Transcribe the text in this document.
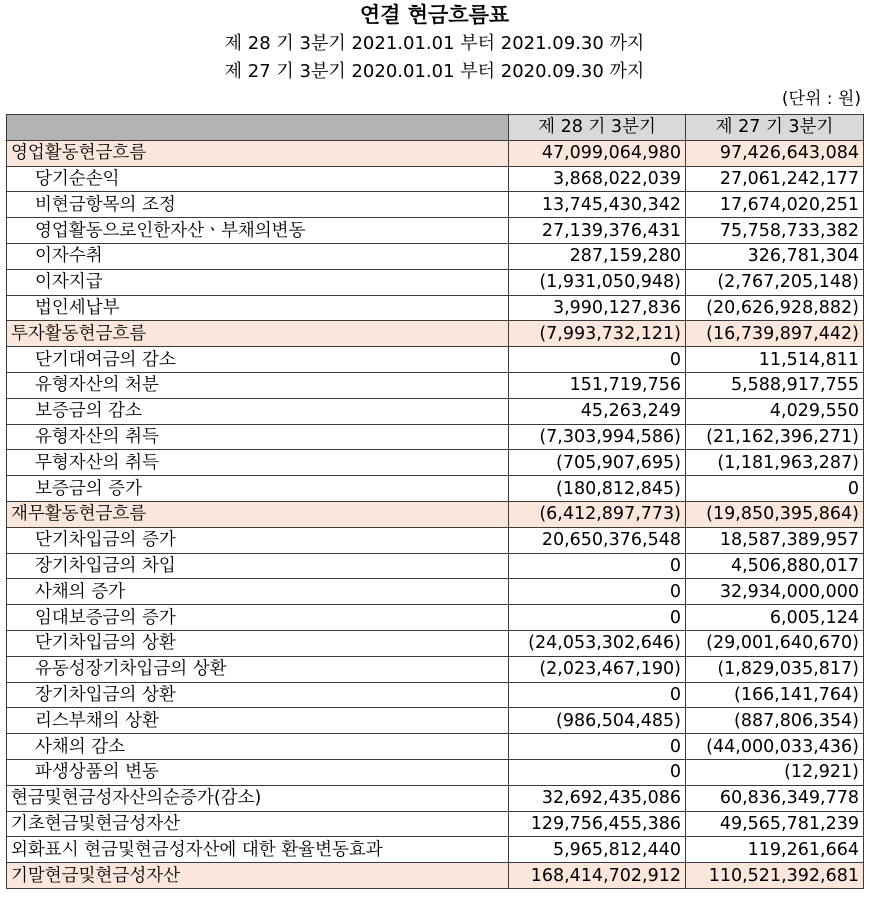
연결 현금흐름표
제 28 기 3분기 2021.01.01 부터 2021.09.30 까지
제 27 기 3분기 2020.01.01 부터 2020.09.30 까지
(단위 : 원)
	제 28 기 3분기	제 27 기 3분기
영업활동현금흐름	47,099,064,980	97,426,643,084
당기순손익	3,868,022,039	27,061,242,177
비현금항목의 조정	13,745,430,342	17,674,020,251
영업활동으로인한자산ㆍ부채의변동	27,139,376,431	75,758,733,382
이자수취	287,159,280	326,781,304
이자지급	(1,931,050,948)	(2,767,205,148)
법인세납부	3,990,127,836	(20,626,928,882)
투자활동현금흐름	(7,993,732,121)	(16,739,897,442)
단기대여금의 감소	0	11,514,811
유형자산의 처분	151,719,756	5,588,917,755
보증금의 감소	45,263,249	4,029,550
유형자산의 취득	(7,303,994,586)	(21,162,396,271)
무형자산의 취득	(705,907,695)	(1,181,963,287)
보증금의 증가	(180,812,845)	0
재무활동현금흐름	(6,412,897,773)	(19,850,395,864)
단기차입금의 증가	20,650,376,548	18,587,389,957
장기차입금의 차입	0	4,506,880,017
사채의 증가	0	32,934,000,000
임대보증금의 증가	0	6,005,124
단기차입금의 상환	(24,053,302,646)	(29,001,640,670)
유동성장기차입금의 상환	(2,023,467,190)	(1,829,035,817)
장기차입금의 상환	0	(166,141,764)
리스부채의 상환	(986,504,485)	(887,806,354)
사채의 감소	0	(44,000,033,436)
파생상품의 변동	0	(12,921)
현금및현금성자산의순증가(감소)	32,692,435,086	60,836,349,778
기초현금및현금성자산	129,756,455,386	49,565,781,239
외화표시 현금및현금성자산에 대한 환율변동효과	5,965,812,440	119,261,664
기말현금및현금성자산	168,414,702,912	110,521,392,681
